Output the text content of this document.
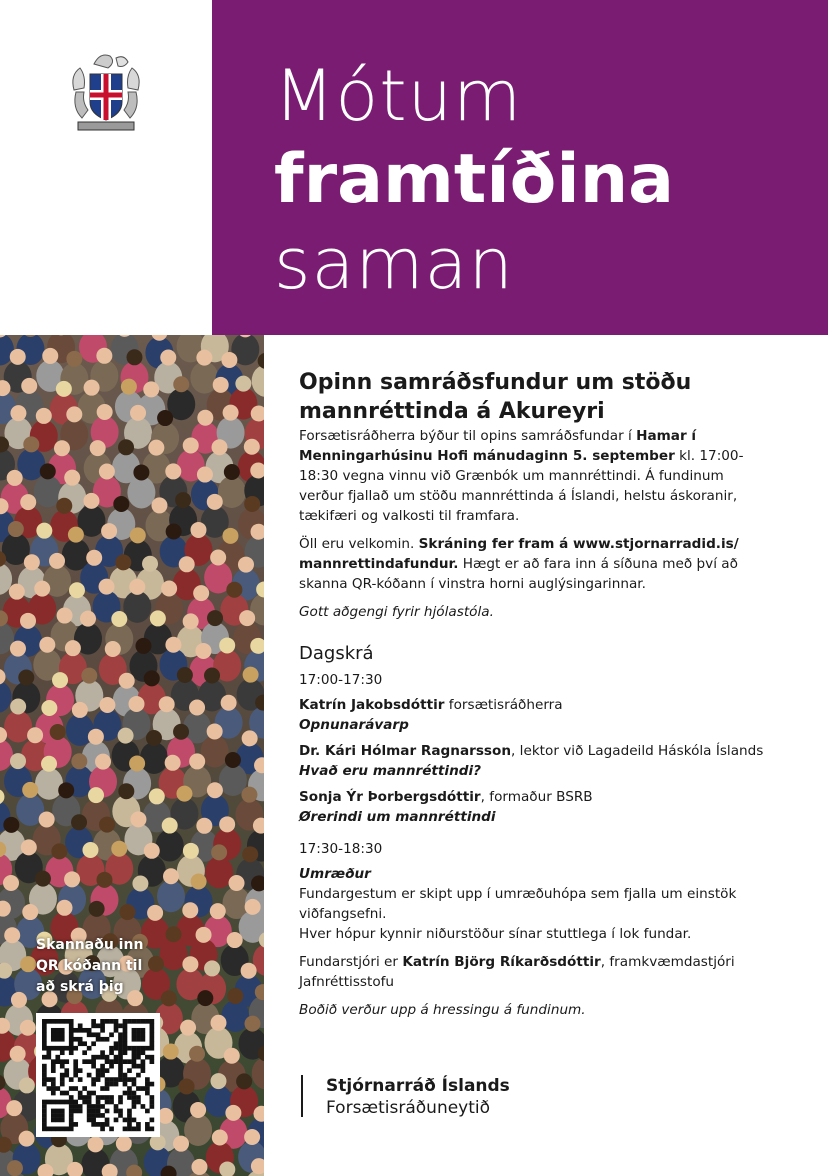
Mótum
framtíðina
saman
Skannaðu inn
QR kóðann til
að skrá þig

Opinn samráðsfundur um stöðu mannréttinda á Akureyri

Forsætisráðherra býður til opins samráðsfundar í Hamar í Menningarhúsinu Hofi mánudaginn 5. september kl. 17:00-18:30 vegna vinnu við Grænbók um mannréttindi. Á fundinum verður fjallað um stöðu mannréttinda á Íslandi, helstu áskoranir, tækifæri og valkosti til framfara.

Öll eru velkomin. Skráning fer fram á www.stjornarradid.is/ mannrettindafundur. Hægt er að fara inn á síðuna með því að skanna QR-kóðann í vinstra horni auglýsingarinnar.

Gott aðgengi fyrir hjólastóla.

Dagskrá

17:00-17:30

Katrín Jakobsdóttir forsætisráðherra

Opnunarávarp

Dr. Kári Hólmar Ragnarsson, lektor við Lagadeild Háskóla Íslands

Hvað eru mannréttindi?

Sonja Ýr Þorbergsdóttir, formaður BSRB

Ørerindi um mannréttindi

17:30-18:30

Umræður

Fundargestum er skipt upp í umræðuhópa sem fjalla um einstök viðfangsefni.

Hver hópur kynnir niðurstöður sínar stuttlega í lok fundar.

Fundarstjóri er Katrín Björg Ríkarðsdóttir, framkvæmdastjóri Jafnréttisstofu

Boðið verður upp á hressingu á fundinum.

Stjórnarráð Íslands
Forsætisráðuneytið
